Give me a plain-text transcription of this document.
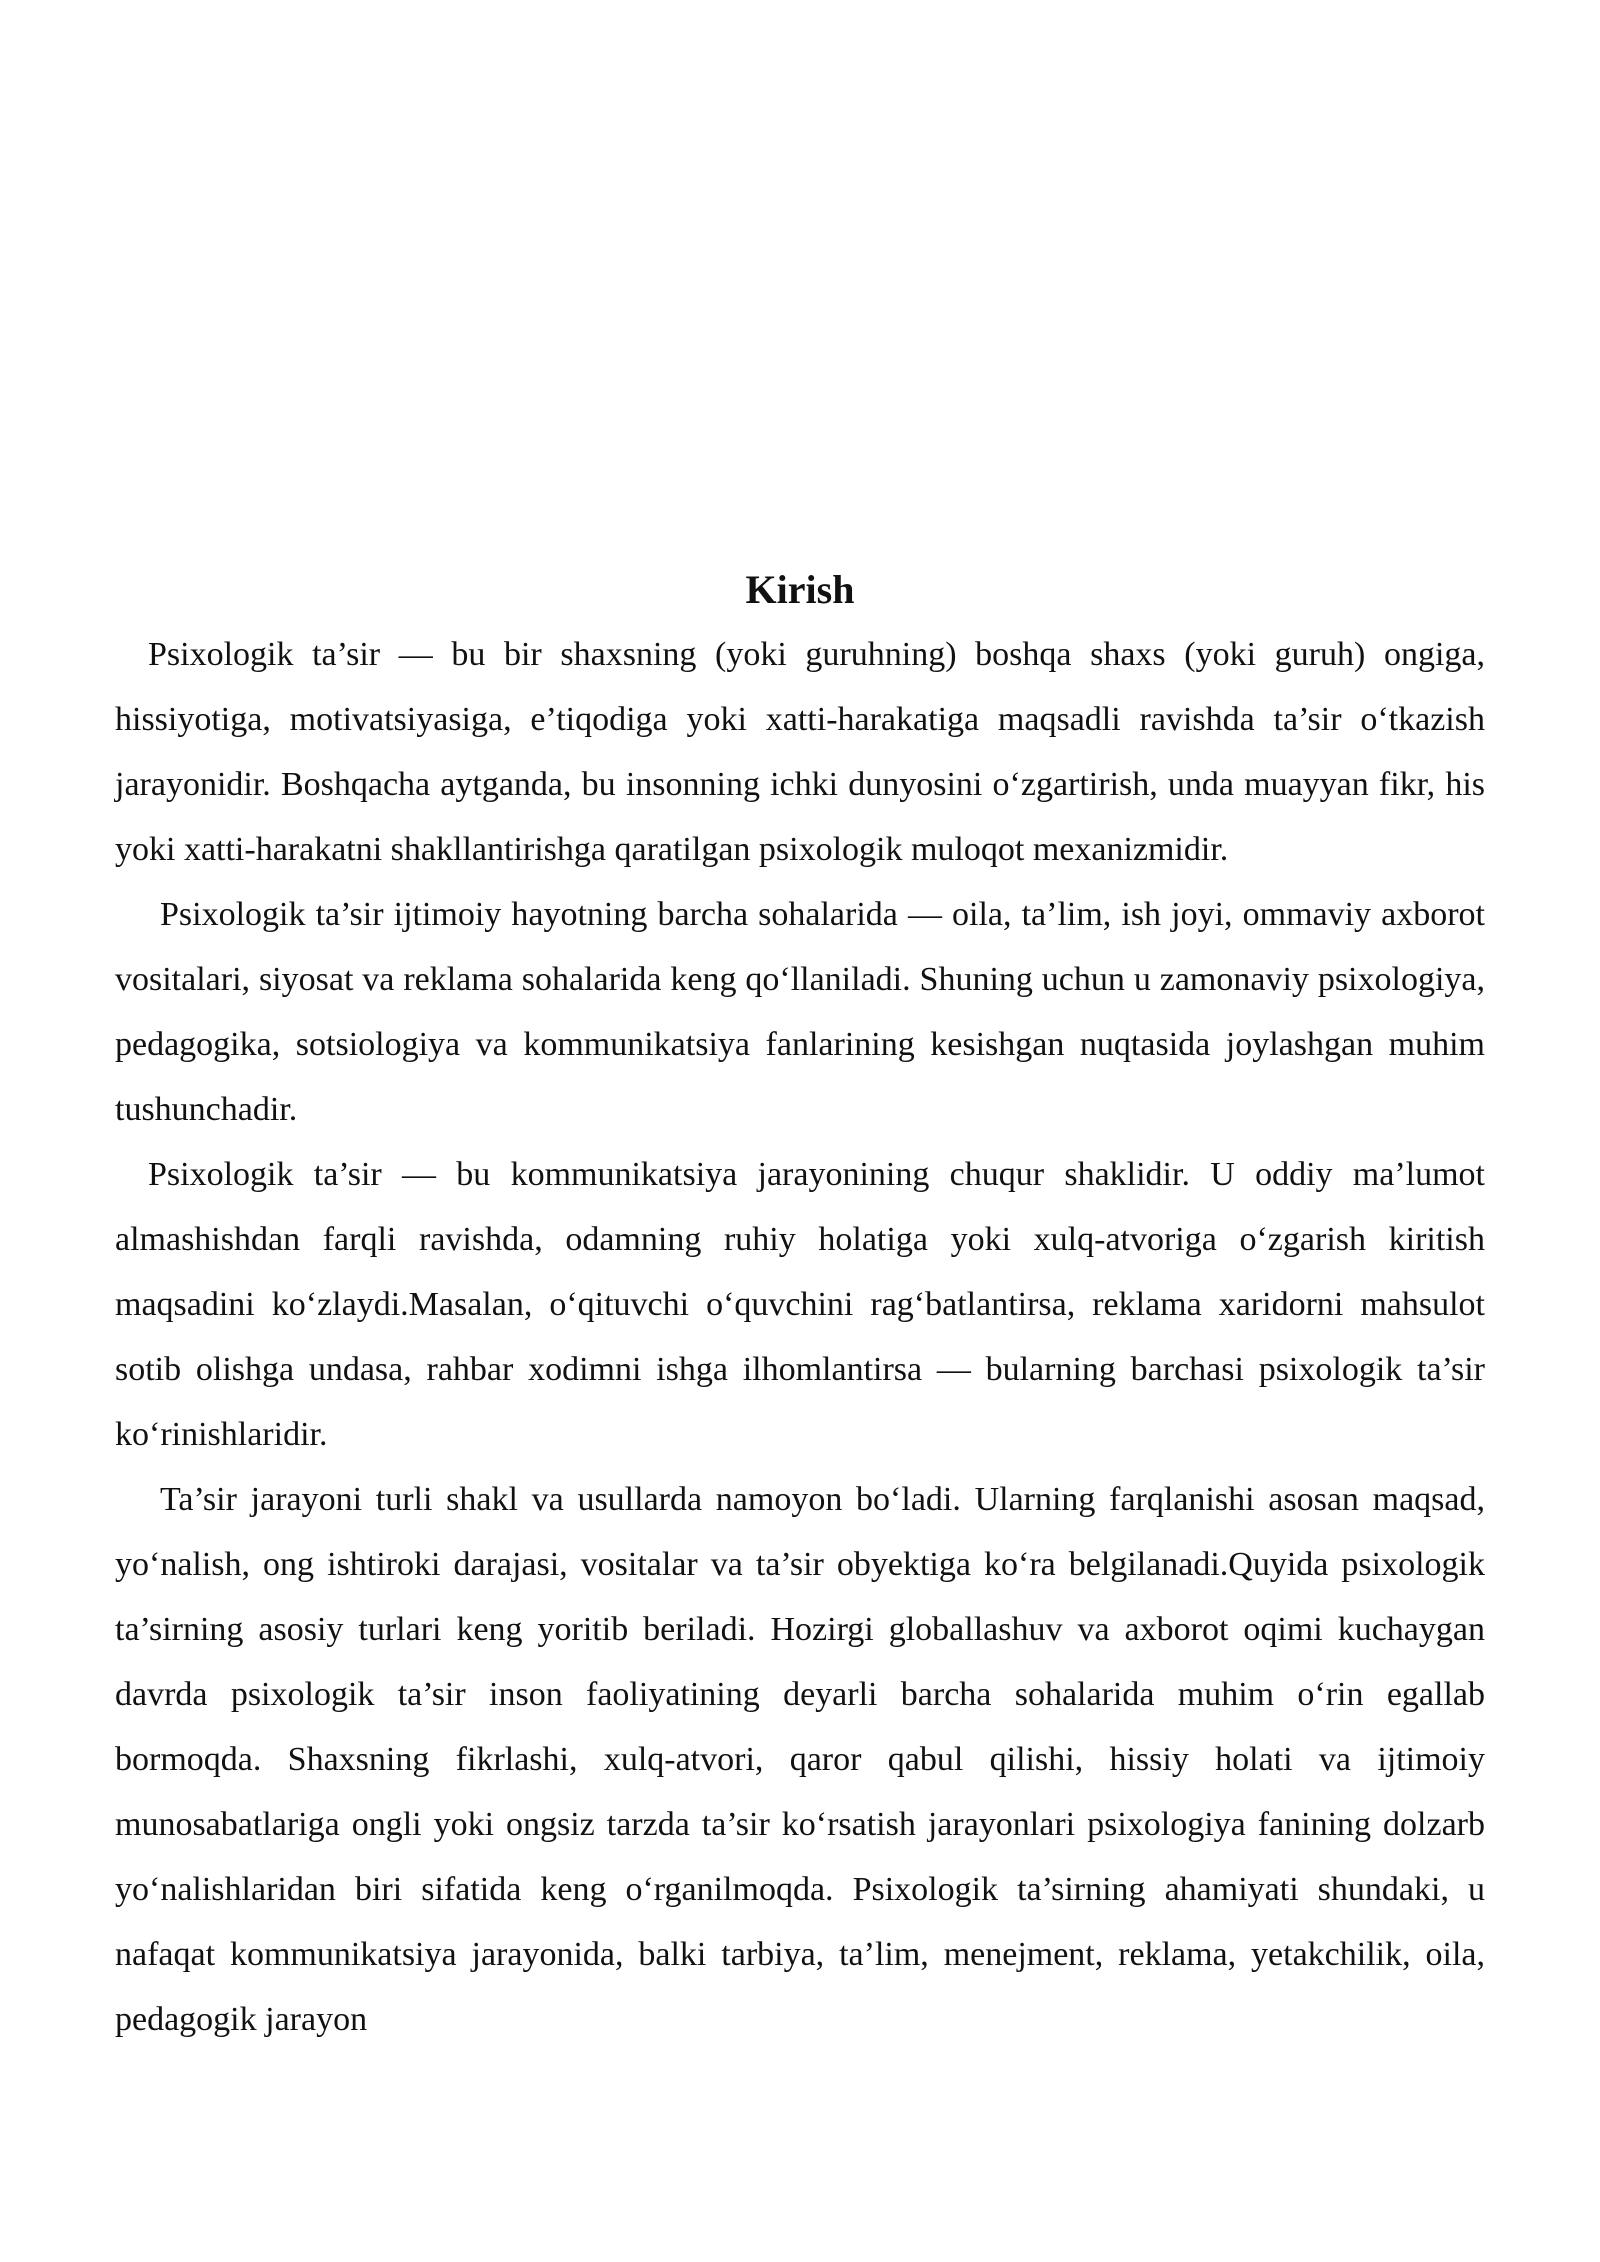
Kirish

Psixologik ta’sir — bu bir shaxsning (yoki guruhning) boshqa shaxs (yoki guruh) ongiga, hissiyotiga, motivatsiyasiga, e’tiqodiga yoki xatti-harakatiga maqsadli ravishda ta’sir o‘tkazish jarayonidir. Boshqacha aytganda, bu insonning ichki dunyosini o‘zgartirish, unda muayyan fikr, his yoki xatti-harakatni shakllantirishga qaratilgan psixologik muloqot mexanizmidir.

Psixologik ta’sir ijtimoiy hayotning barcha sohalarida — oila, ta’lim, ish joyi, ommaviy axborot vositalari, siyosat va reklama sohalarida keng qo‘llaniladi. Shuning uchun u zamonaviy psixologiya, pedagogika, sotsiologiya va kommunikatsiya fanlarining kesishgan nuqtasida joylashgan muhim tushunchadir.

Psixologik ta’sir — bu kommunikatsiya jarayonining chuqur shaklidir. U oddiy ma’lumot almashishdan farqli ravishda, odamning ruhiy holatiga yoki xulq-atvoriga o‘zgarish kiritish maqsadini ko‘zlaydi.Masalan, o‘qituvchi o‘quvchini rag‘batlantirsa, reklama xaridorni mahsulot sotib olishga undasa, rahbar xodimni ishga ilhomlantirsa — bularning barchasi psixologik ta’sir ko‘rinishlaridir.

Ta’sir jarayoni turli shakl va usullarda namoyon bo‘ladi. Ularning farqlanishi asosan maqsad, yo‘nalish, ong ishtiroki darajasi, vositalar va ta’sir obyektiga ko‘ra belgilanadi.Quyida psixologik ta’sirning asosiy turlari keng yoritib beriladi. Hozirgi globallashuv va axborot oqimi kuchaygan davrda psixologik ta’sir inson faoliyatining deyarli barcha sohalarida muhim o‘rin egallab bormoqda. Shaxsning fikrlashi, xulq-atvori, qaror qabul qilishi, hissiy holati va ijtimoiy munosabatlariga ongli yoki ongsiz tarzda ta’sir ko‘rsatish jarayonlari psixologiya fanining dolzarb yo‘nalishlaridan biri sifatida keng o‘rganilmoqda. Psixologik ta’sirning ahamiyati shundaki, u nafaqat kommunikatsiya jarayonida, balki tarbiya, ta’lim, menejment, reklama, yetakchilik, oila, pedagogik jarayon
